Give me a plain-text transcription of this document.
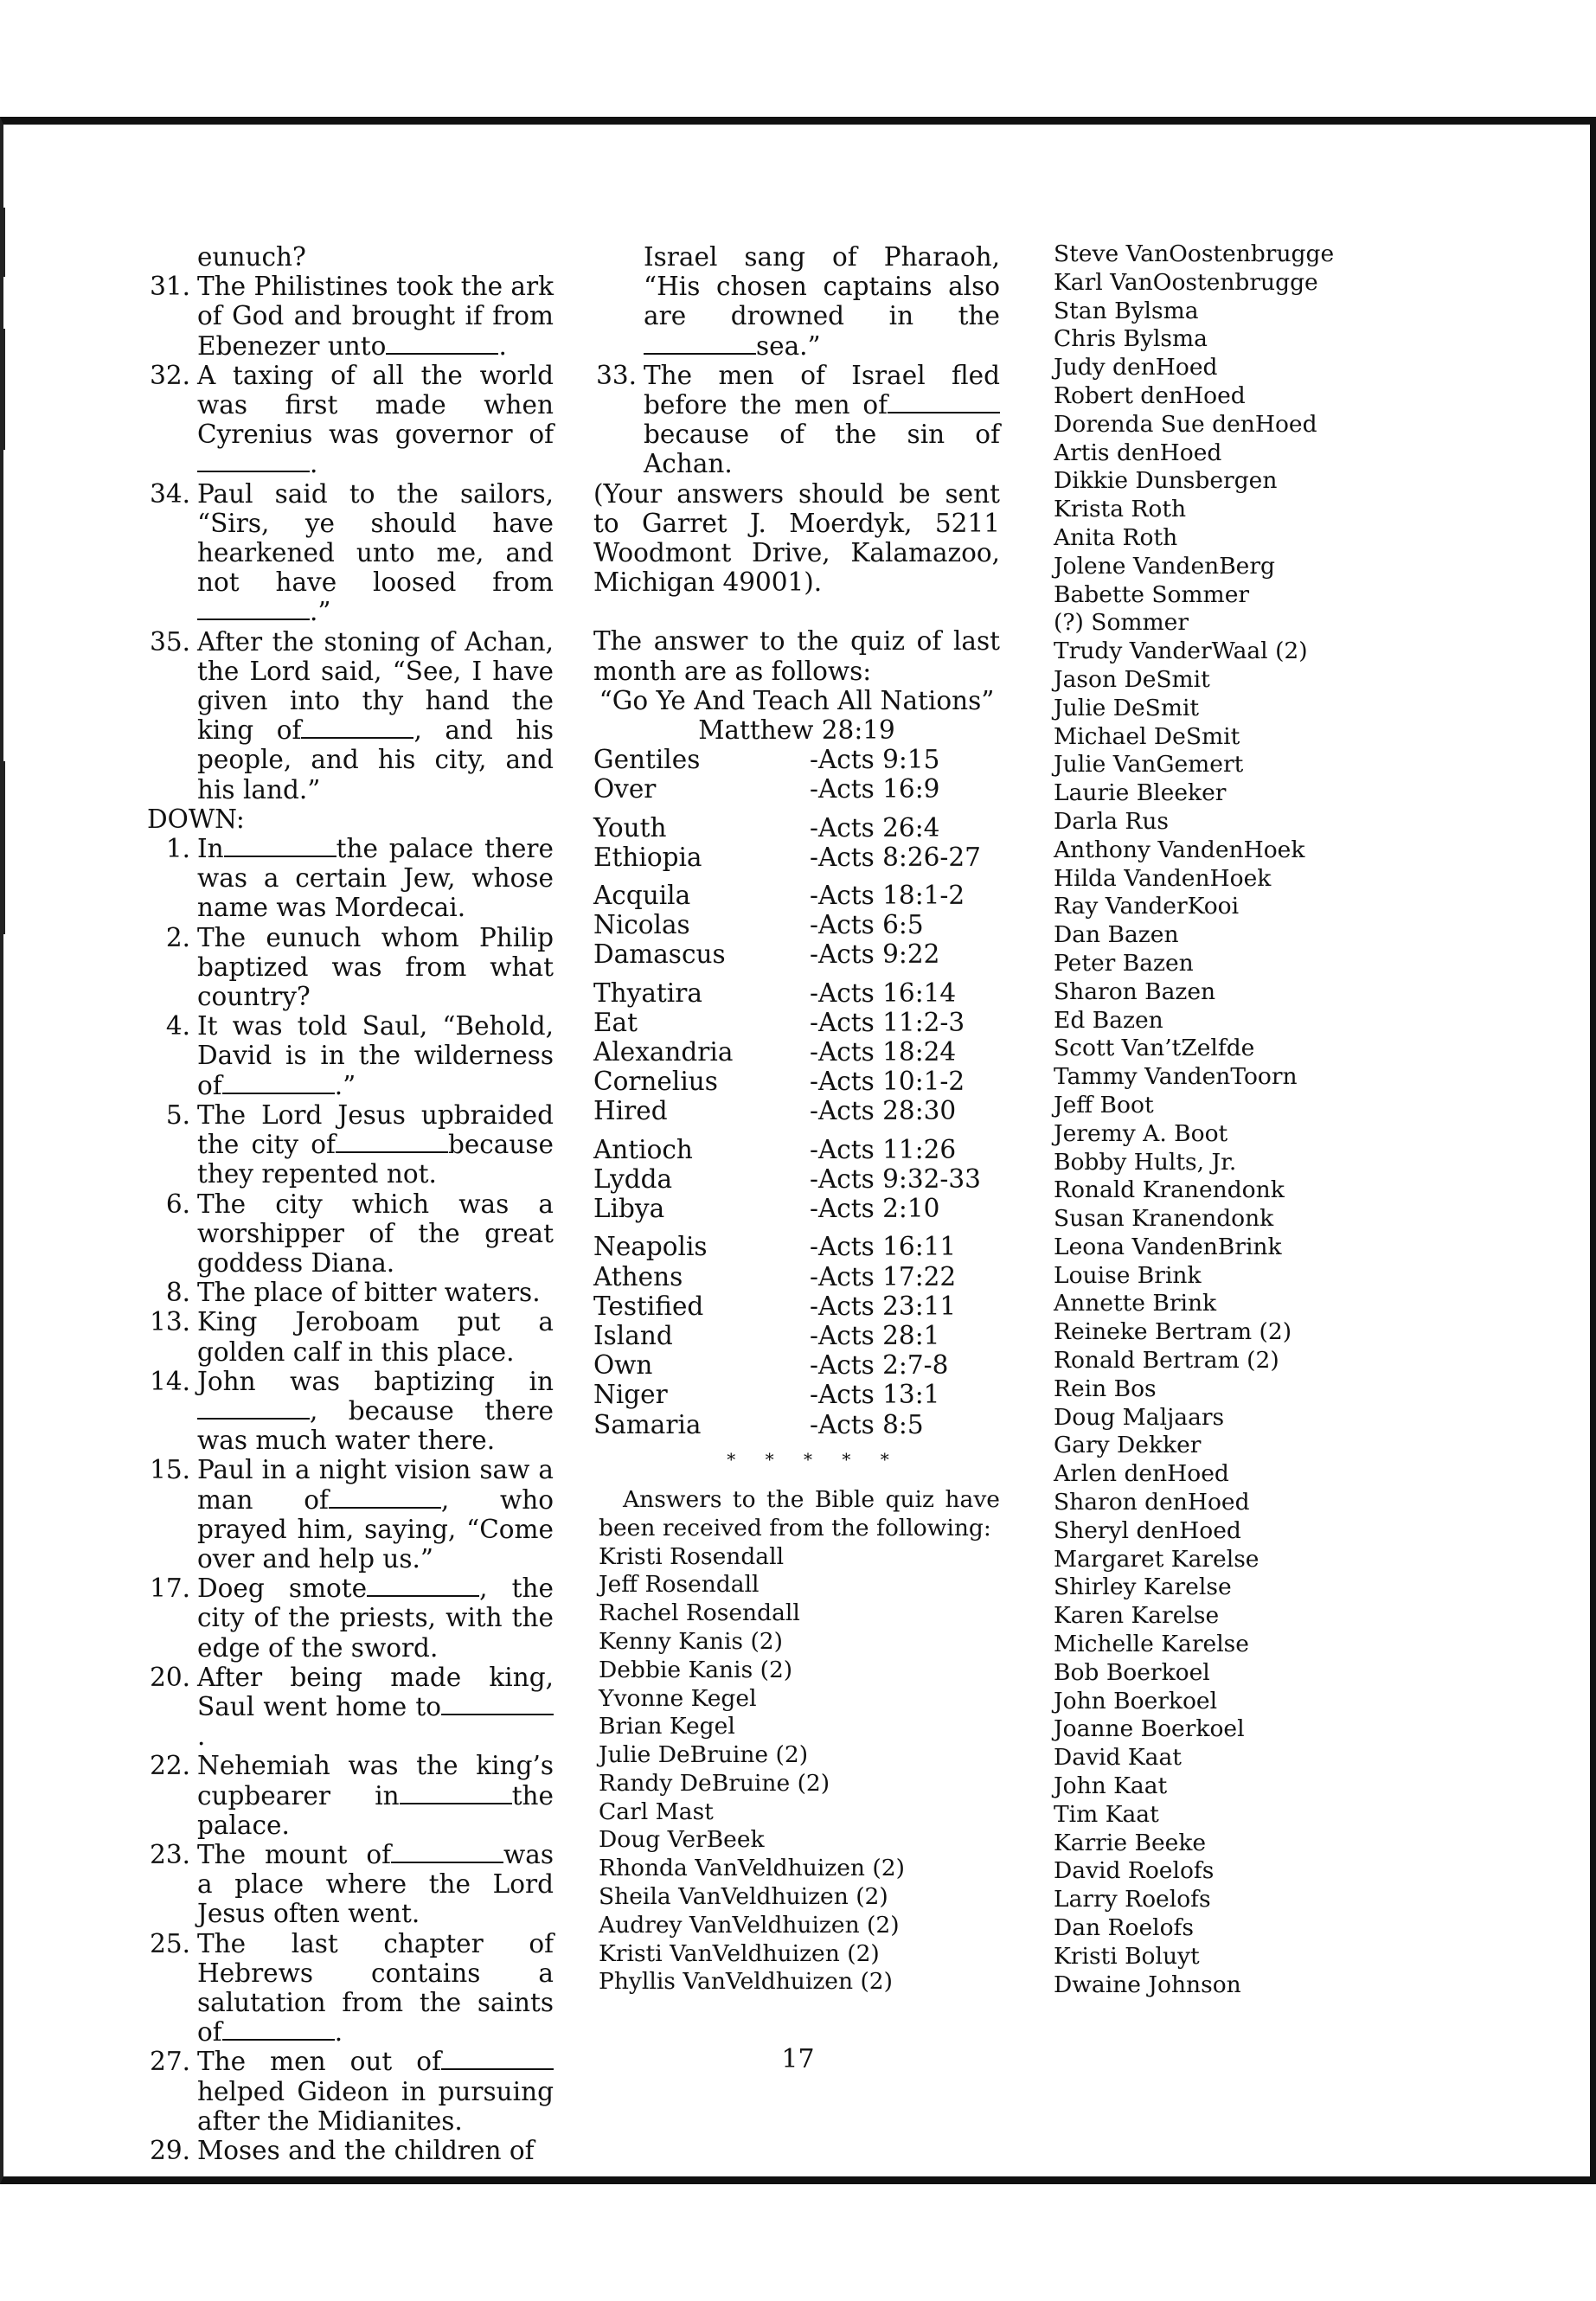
eunuch?
31. The Philistines took the ark of God and brought if from Ebenezer unto	.
32. A taxing of all the world was first made when Cyrenius was governor of.
34. Paul said to the sailors, “Sirs, ye should have hearkened unto me, and not have loosed from.”
35. After the stoning of Achan, the Lord said, “See, I have given into thy hand the king of	, and his people, and his city, and his land.”
DOWN:
1. In	the palace there was a certain Jew, whose name was Mordecai.
2. The eunuch whom Philip baptized was from what country?
4. It was told Saul, “Behold, David is in the wilderness of	.”
5. The Lord Jesus upbraided the city of	because they repented not.
6. The city which was a worshipper of the great goddess Diana.
8. The place of bitter waters.
13. King Jeroboam put a golden calf in this place.
14. John was baptizing in, because there was much water there.
15. Paul in a night vision saw a man of	, who prayed him, saying, “Come over and help us.”
17. Doeg smote	, the city of the priests, with the edge of the sword.
20. After being made king, Saul went home to.
22. Nehemiah was the king’s cupbearer in	the palace.
23. The mount of	was a place where the Lord Jesus often went.
25. The last chapter of Hebrews contains a salutation from the saints of	.
27. The men out ofhelped Gideon in pursuing after the Midianites.
29. Moses and the children of
Israel sang of Pharaoh, “His chosen captains also are drowned in thesea.”
33. The men of Israel fled before the men ofbecause of the sin of Achan.
(Your answers should be sent to Garret J. Moerdyk, 5211 Woodmont Drive, Kalamazoo, Michigan 49001).
The answer to the quiz of last month are as follows:
“Go Ye And Teach All Nations”
Matthew 28:19
Gentiles	-Acts 9:15
Over	-Acts 16:9
Youth	-Acts 26:4
Ethiopia	-Acts 8:26-27
Acquila	-Acts 18:1-2
Nicolas	-Acts 6:5
Damascus	-Acts 9:22
Thyatira	-Acts 16:14
Eat	-Acts 11:2-3
Alexandria	-Acts 18:24
Cornelius	-Acts 10:1-2
Hired	-Acts 28:30
Antioch	-Acts 11:26
Lydda	-Acts 9:32-33
Libya	-Acts 2:10
Neapolis	-Acts 16:11
Athens	-Acts 17:22
Testified	-Acts 23:11
Island	-Acts 28:1
Own	-Acts 2:7-8
Niger	-Acts 13:1
Samaria	-Acts 8:5
* * * * *
Answers to the Bible quiz have been received from the following:
Kristi Rosendall
Jeff Rosendall
Rachel Rosendall
Kenny Kanis (2)
Debbie Kanis (2)
Yvonne Kegel
Brian Kegel
Julie DeBruine (2)
Randy DeBruine (2)
Carl Mast
Doug VerBeek
Rhonda VanVeldhuizen (2)
Sheila VanVeldhuizen (2)
Audrey VanVeldhuizen (2)
Kristi VanVeldhuizen (2)
Phyllis VanVeldhuizen (2)
Steve VanOostenbrugge
Karl VanOostenbrugge
Stan Bylsma
Chris Bylsma
Judy denHoed
Robert denHoed
Dorenda Sue denHoed
Artis denHoed
Dikkie Dunsbergen
Krista Roth
Anita Roth
Jolene VandenBerg
Babette Sommer
(?) Sommer
Trudy VanderWaal (2)
Jason DeSmit
Julie DeSmit
Michael DeSmit
Julie VanGemert
Laurie Bleeker
Darla Rus
Anthony VandenHoek
Hilda VandenHoek
Ray VanderKooi
Dan Bazen
Peter Bazen
Sharon Bazen
Ed Bazen
Scott Van’tZelfde
Tammy VandenToorn
Jeff Boot
Jeremy A. Boot
Bobby Hults, Jr.
Ronald Kranendonk
Susan Kranendonk
Leona VandenBrink
Louise Brink
Annette Brink
Reineke Bertram (2)
Ronald Bertram (2)
Rein Bos
Doug Maljaars
Gary Dekker
Arlen denHoed
Sharon denHoed
Sheryl denHoed
Margaret Karelse
Shirley Karelse
Karen Karelse
Michelle Karelse
Bob Boerkoel
John Boerkoel
Joanne Boerkoel
David Kaat
John Kaat
Tim Kaat
Karrie Beeke
David Roelofs
Larry Roelofs
Dan Roelofs
Kristi Boluyt
Dwaine Johnson
17
